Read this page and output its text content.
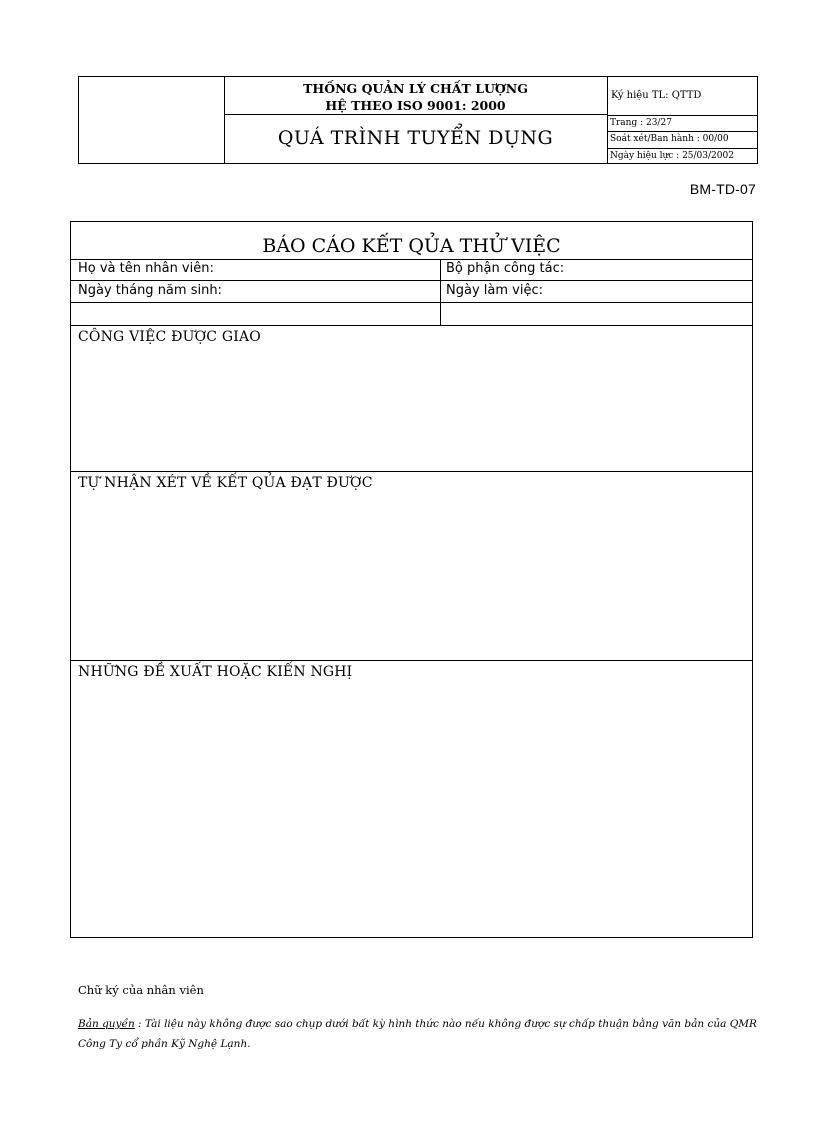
THỐNG QUẢN LÝ CHẤT LƯỢNG
HỆ THEO ISO 9001: 2000
QUÁ TRÌNH TUYỂN DỤNG
Ký hiệu TL: QTTD
Trang : 23/27
Soát xét/Ban hành : 00/00
Ngày hiệu lực : 25/03/2002
BM-TD-07
BÁO CÁO KẾT QỦA THỬ VIỆC
Họ và tên nhân viên:	Bộ phận công tác:
Ngày tháng năm sinh:	Ngày làm việc:
CÔNG VIỆC ĐƯỢC GIAO
TỰ NHẬN XÉT VỀ KẾT QỦA ĐẠT ĐƯỢC
NHỮNG ĐỀ XUẤT HOẶC KIẾN NGHỊ
Chữ ký của nhân viên
Bản quyền : Tài liệu này không được sao chụp dưới bất kỳ hình thức nào nếu không được sự chấp thuận bằng văn bản của QMR Công Ty cổ phần Kỹ Nghệ Lạnh.
